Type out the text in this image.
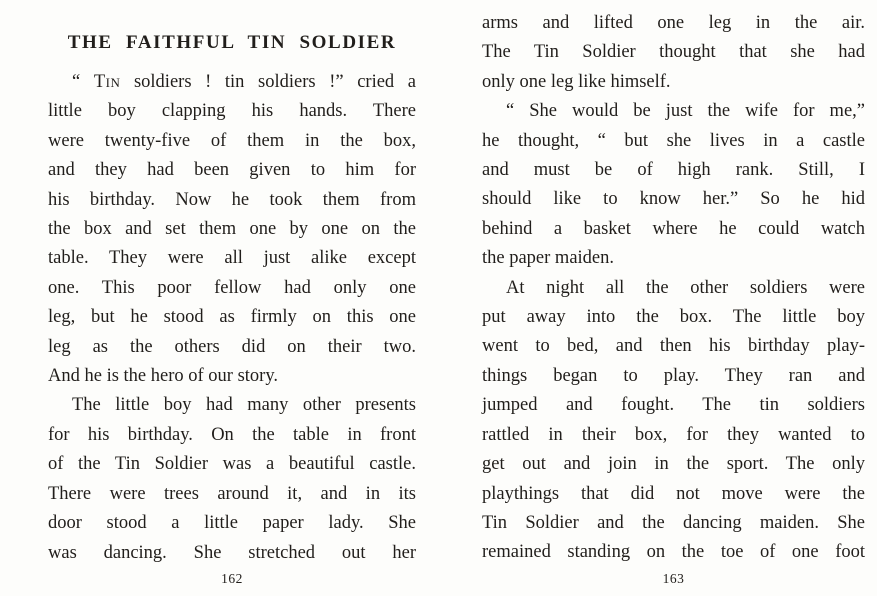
THE FAITHFUL TIN SOLDIER
“ Tin soldiers ! tin soldiers !” cried a
little boy clapping his hands. There
were twenty-five of them in the box,
and they had been given to him for
his birthday. Now he took them from
the box and set them one by one on the
table. They were all just alike except
one. This poor fellow had only one
leg, but he stood as firmly on this one
leg as the others did on their two.
And he is the hero of our story.
The little boy had many other presents
for his birthday. On the table in front
of the Tin Soldier was a beautiful castle.
There were trees around it, and in its
door stood a little paper lady. She
was dancing. She stretched out her
162
arms and lifted one leg in the air.
The Tin Soldier thought that she had
only one leg like himself.
“ She would be just the wife for me,”
he thought, “ but she lives in a castle
and must be of high rank. Still, I
should like to know her.” So he hid
behind a basket where he could watch
the paper maiden.
At night all the other soldiers were
put away into the box. The little boy
went to bed, and then his birthday play-
things began to play. They ran and
jumped and fought. The tin soldiers
rattled in their box, for they wanted to
get out and join in the sport. The only
playthings that did not move were the
Tin Soldier and the dancing maiden. She
remained standing on the toe of one foot
163
